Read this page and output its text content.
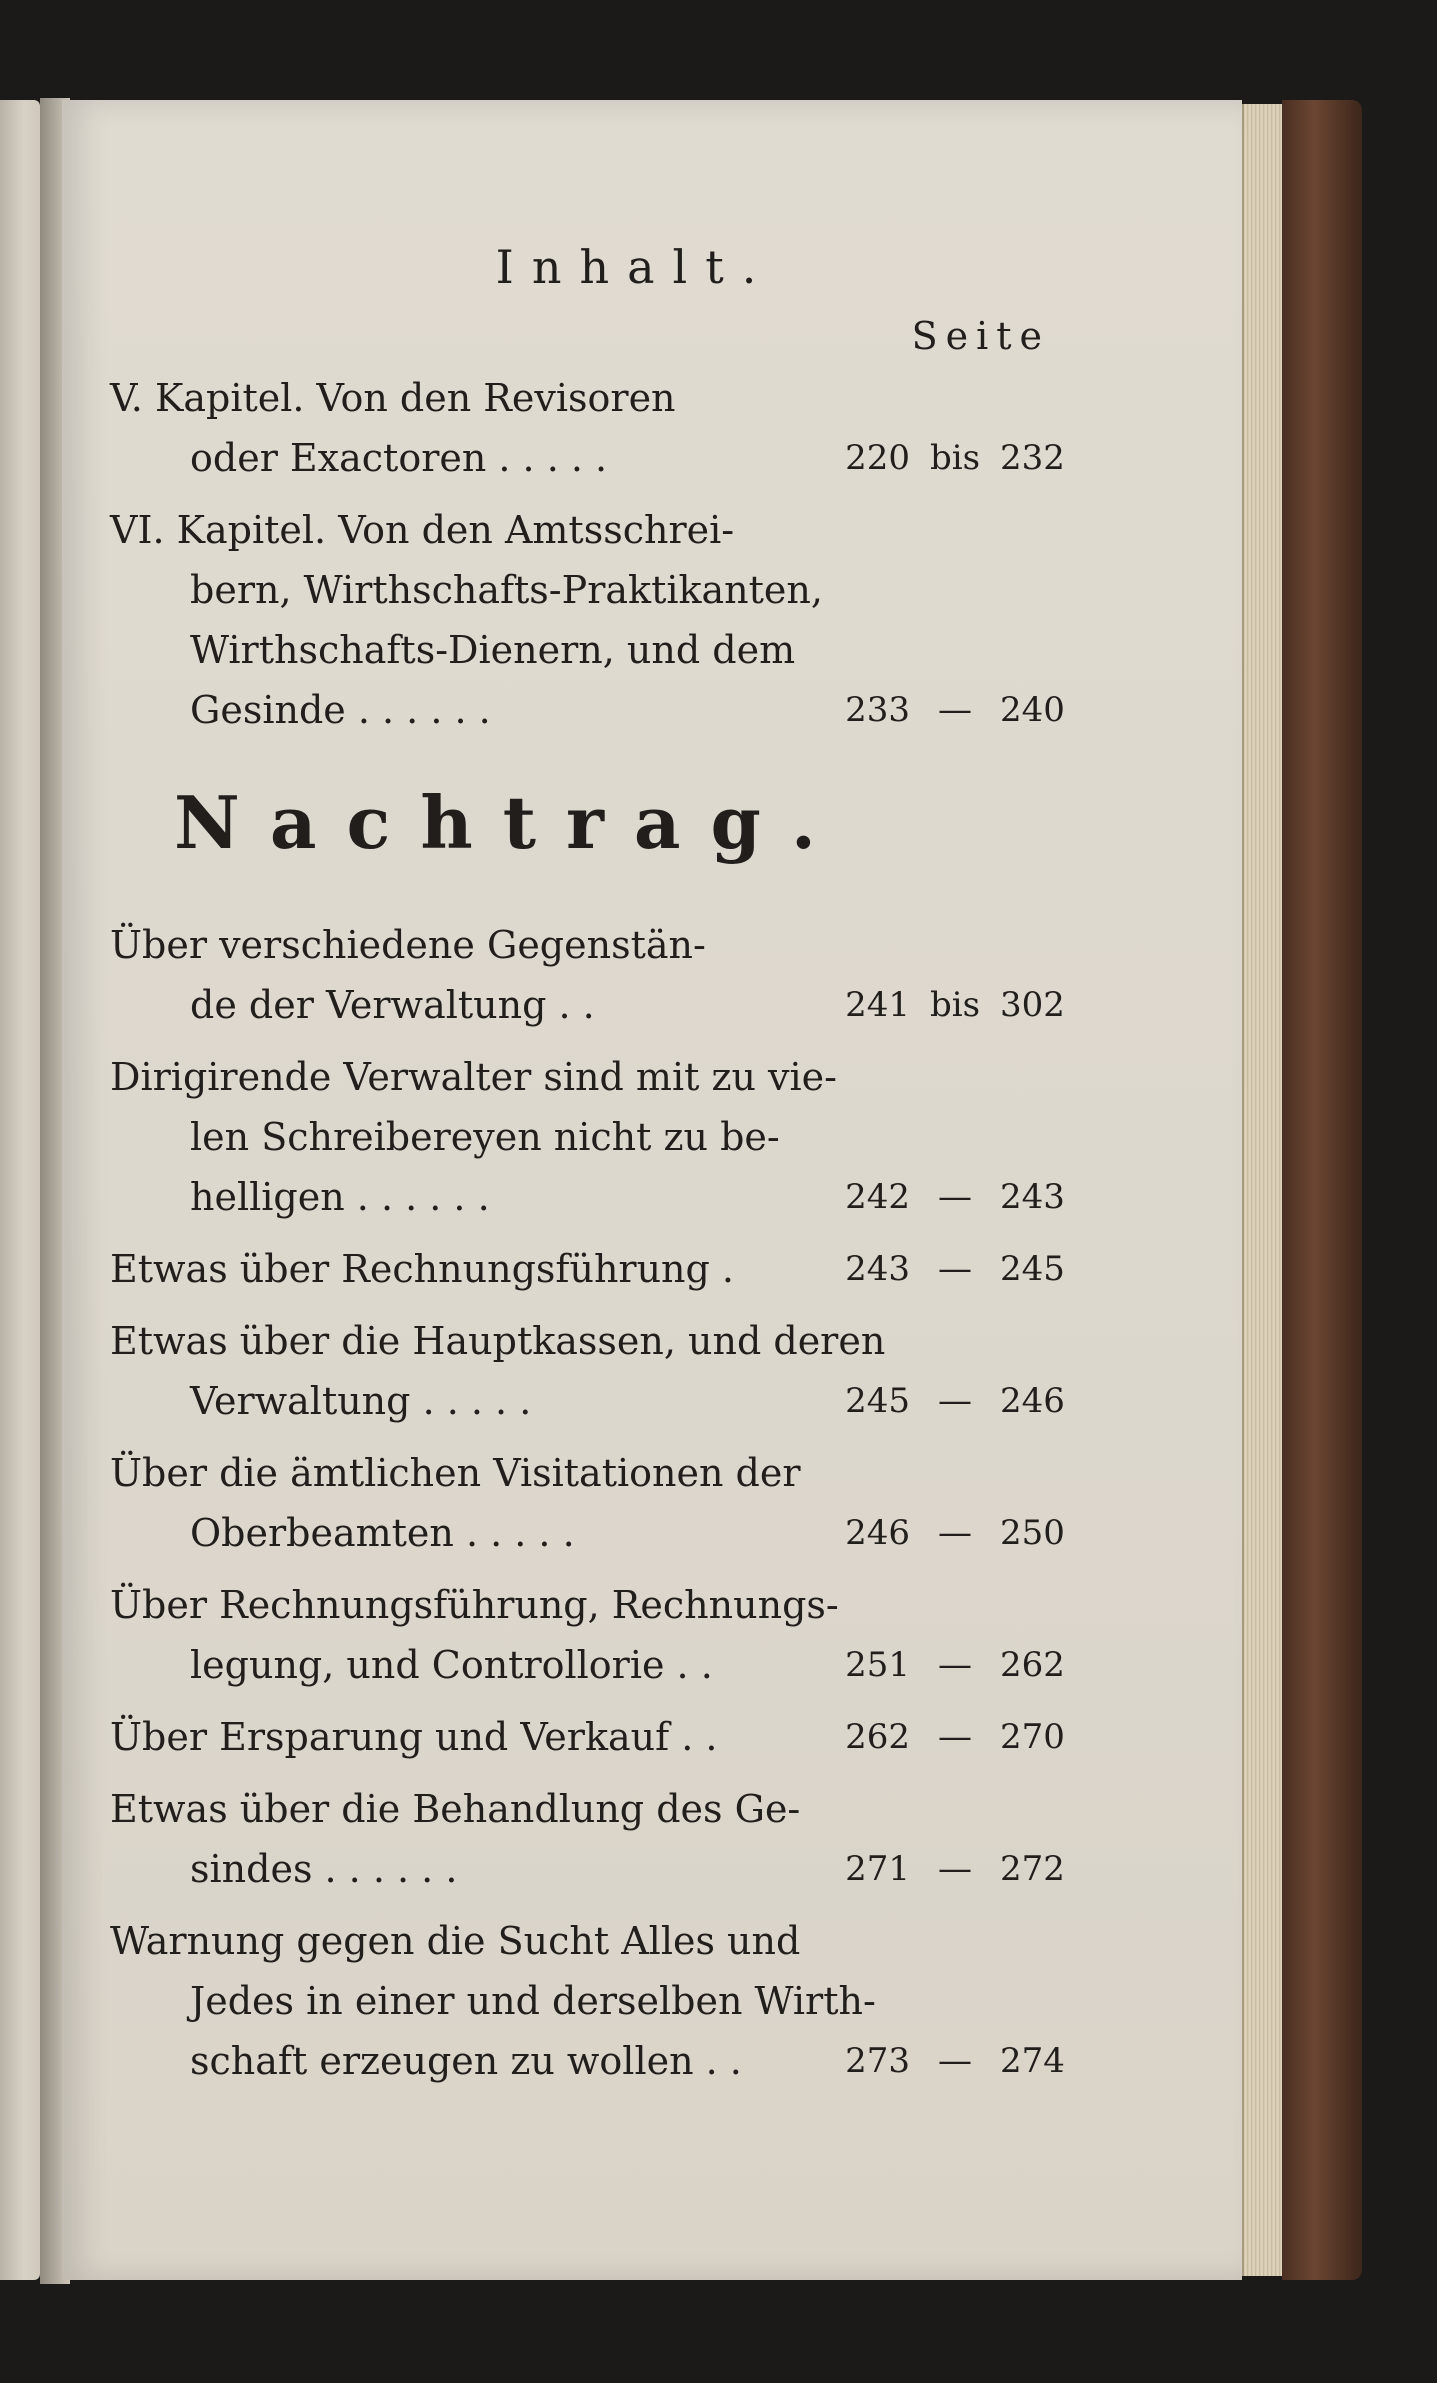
Inhalt.
Seite
V. Kapitel. Von den Revisoren
oder Exactoren . . . . .	220 bis 232
VI. Kapitel. Von den Amtsschrei-
bern, Wirthschafts-Praktikanten,
Wirthschafts-Dienern, und dem
Gesinde . . . . . .	233 — 240
Nachtrag.
Über verschiedene Gegenstän-
de der Verwaltung . .	241 bis 302
Dirigirende Verwalter sind mit zu vie-
len Schreibereyen nicht zu be-
helligen . . . . . .	242 — 243
Etwas über Rechnungsführung .	243 — 245
Etwas über die Hauptkassen, und deren
Verwaltung . . . . .	245 — 246
Über die ämtlichen Visitationen der
Oberbeamten . . . . .	246 — 250
Über Rechnungsführung, Rechnungs-
legung, und Controllorie . .	251 — 262
Über Ersparung und Verkauf . .	262 — 270
Etwas über die Behandlung des Ge-
sindes . . . . . .	271 — 272
Warnung gegen die Sucht Alles und
Jedes in einer und derselben Wirth-
schaft erzeugen zu wollen . .	273 — 274
